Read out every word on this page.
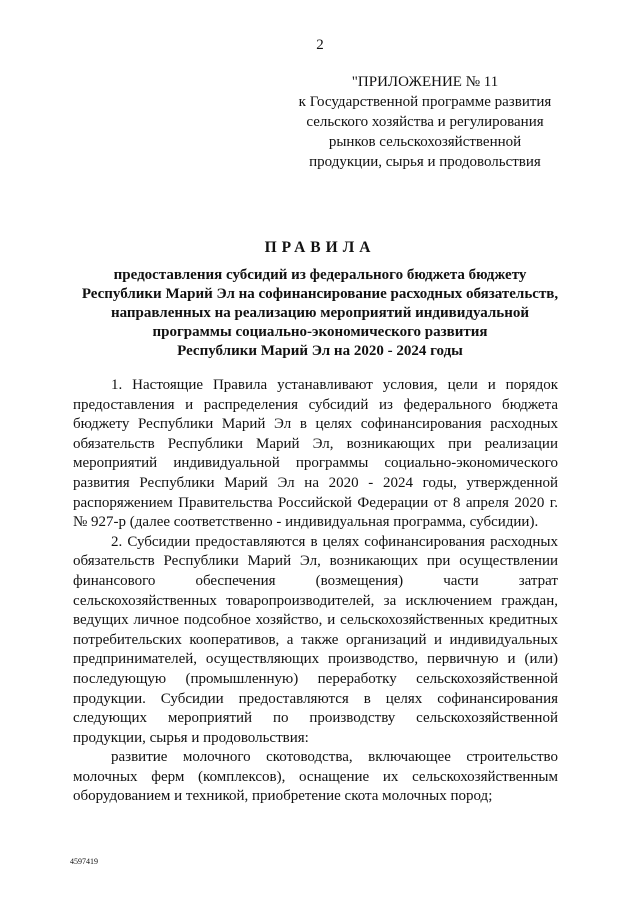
2
"ПРИЛОЖЕНИЕ № 11
к Государственной программе развития
сельского хозяйства и регулирования
рынков сельскохозяйственной
продукции, сырья и продовольствия
ПРАВИЛА
предоставления субсидий из федерального бюджета бюджету
Республики Марий Эл на софинансирование расходных обязательств,
направленных на реализацию мероприятий индивидуальной
программы социально-экономического развития
Республики Марий Эл на 2020 - 2024 годы
1. Настоящие Правила устанавливают условия, цели и порядок
предоставления и распределения субсидий из федерального бюджета
бюджету Республики Марий Эл в целях софинансирования расходных
обязательств Республики Марий Эл, возникающих при реализации
мероприятий индивидуальной программы социально-экономического
развития Республики Марий Эл на 2020 - 2024 годы, утвержденной
распоряжением Правительства Российской Федерации от 8 апреля 2020 г.
№ 927-р (далее соответственно - индивидуальная программа, субсидии).
2. Субсидии предоставляются в целях софинансирования расходных
обязательств Республики Марий Эл, возникающих при осуществлении
финансового обеспечения (возмещения) части затрат
сельскохозяйственных товаропроизводителей, за исключением граждан,
ведущих личное подсобное хозяйство, и сельскохозяйственных кредитных
потребительских кооперативов, а также организаций и индивидуальных
предпринимателей, осуществляющих производство, первичную и (или)
последующую (промышленную) переработку сельскохозяйственной
продукции. Субсидии предоставляются в целях софинансирования
следующих мероприятий по производству сельскохозяйственной
продукции, сырья и продовольствия:
развитие молочного скотоводства, включающее строительство
молочных ферм (комплексов), оснащение их сельскохозяйственным
оборудованием и техникой, приобретение скота молочных пород;
4597419
